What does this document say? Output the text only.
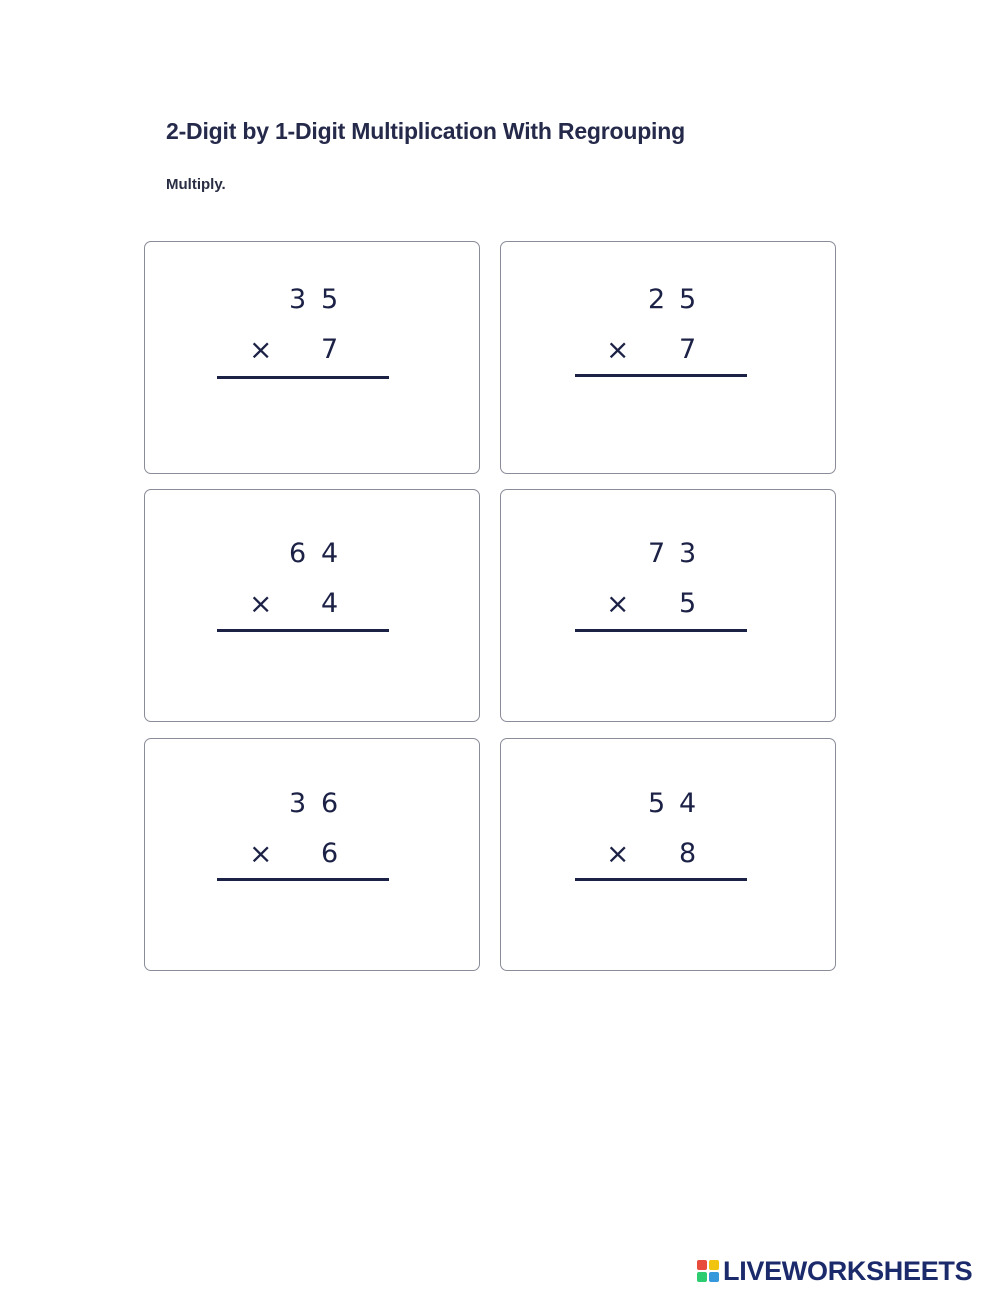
2-Digit by 1-Digit Multiplication With Regrouping
Multiply.
3 5
× 7
2 5
× 7
6 4
× 4
7 3
× 5
3 6
× 6
5 4
× 8
LIVEWORKSHEETS
